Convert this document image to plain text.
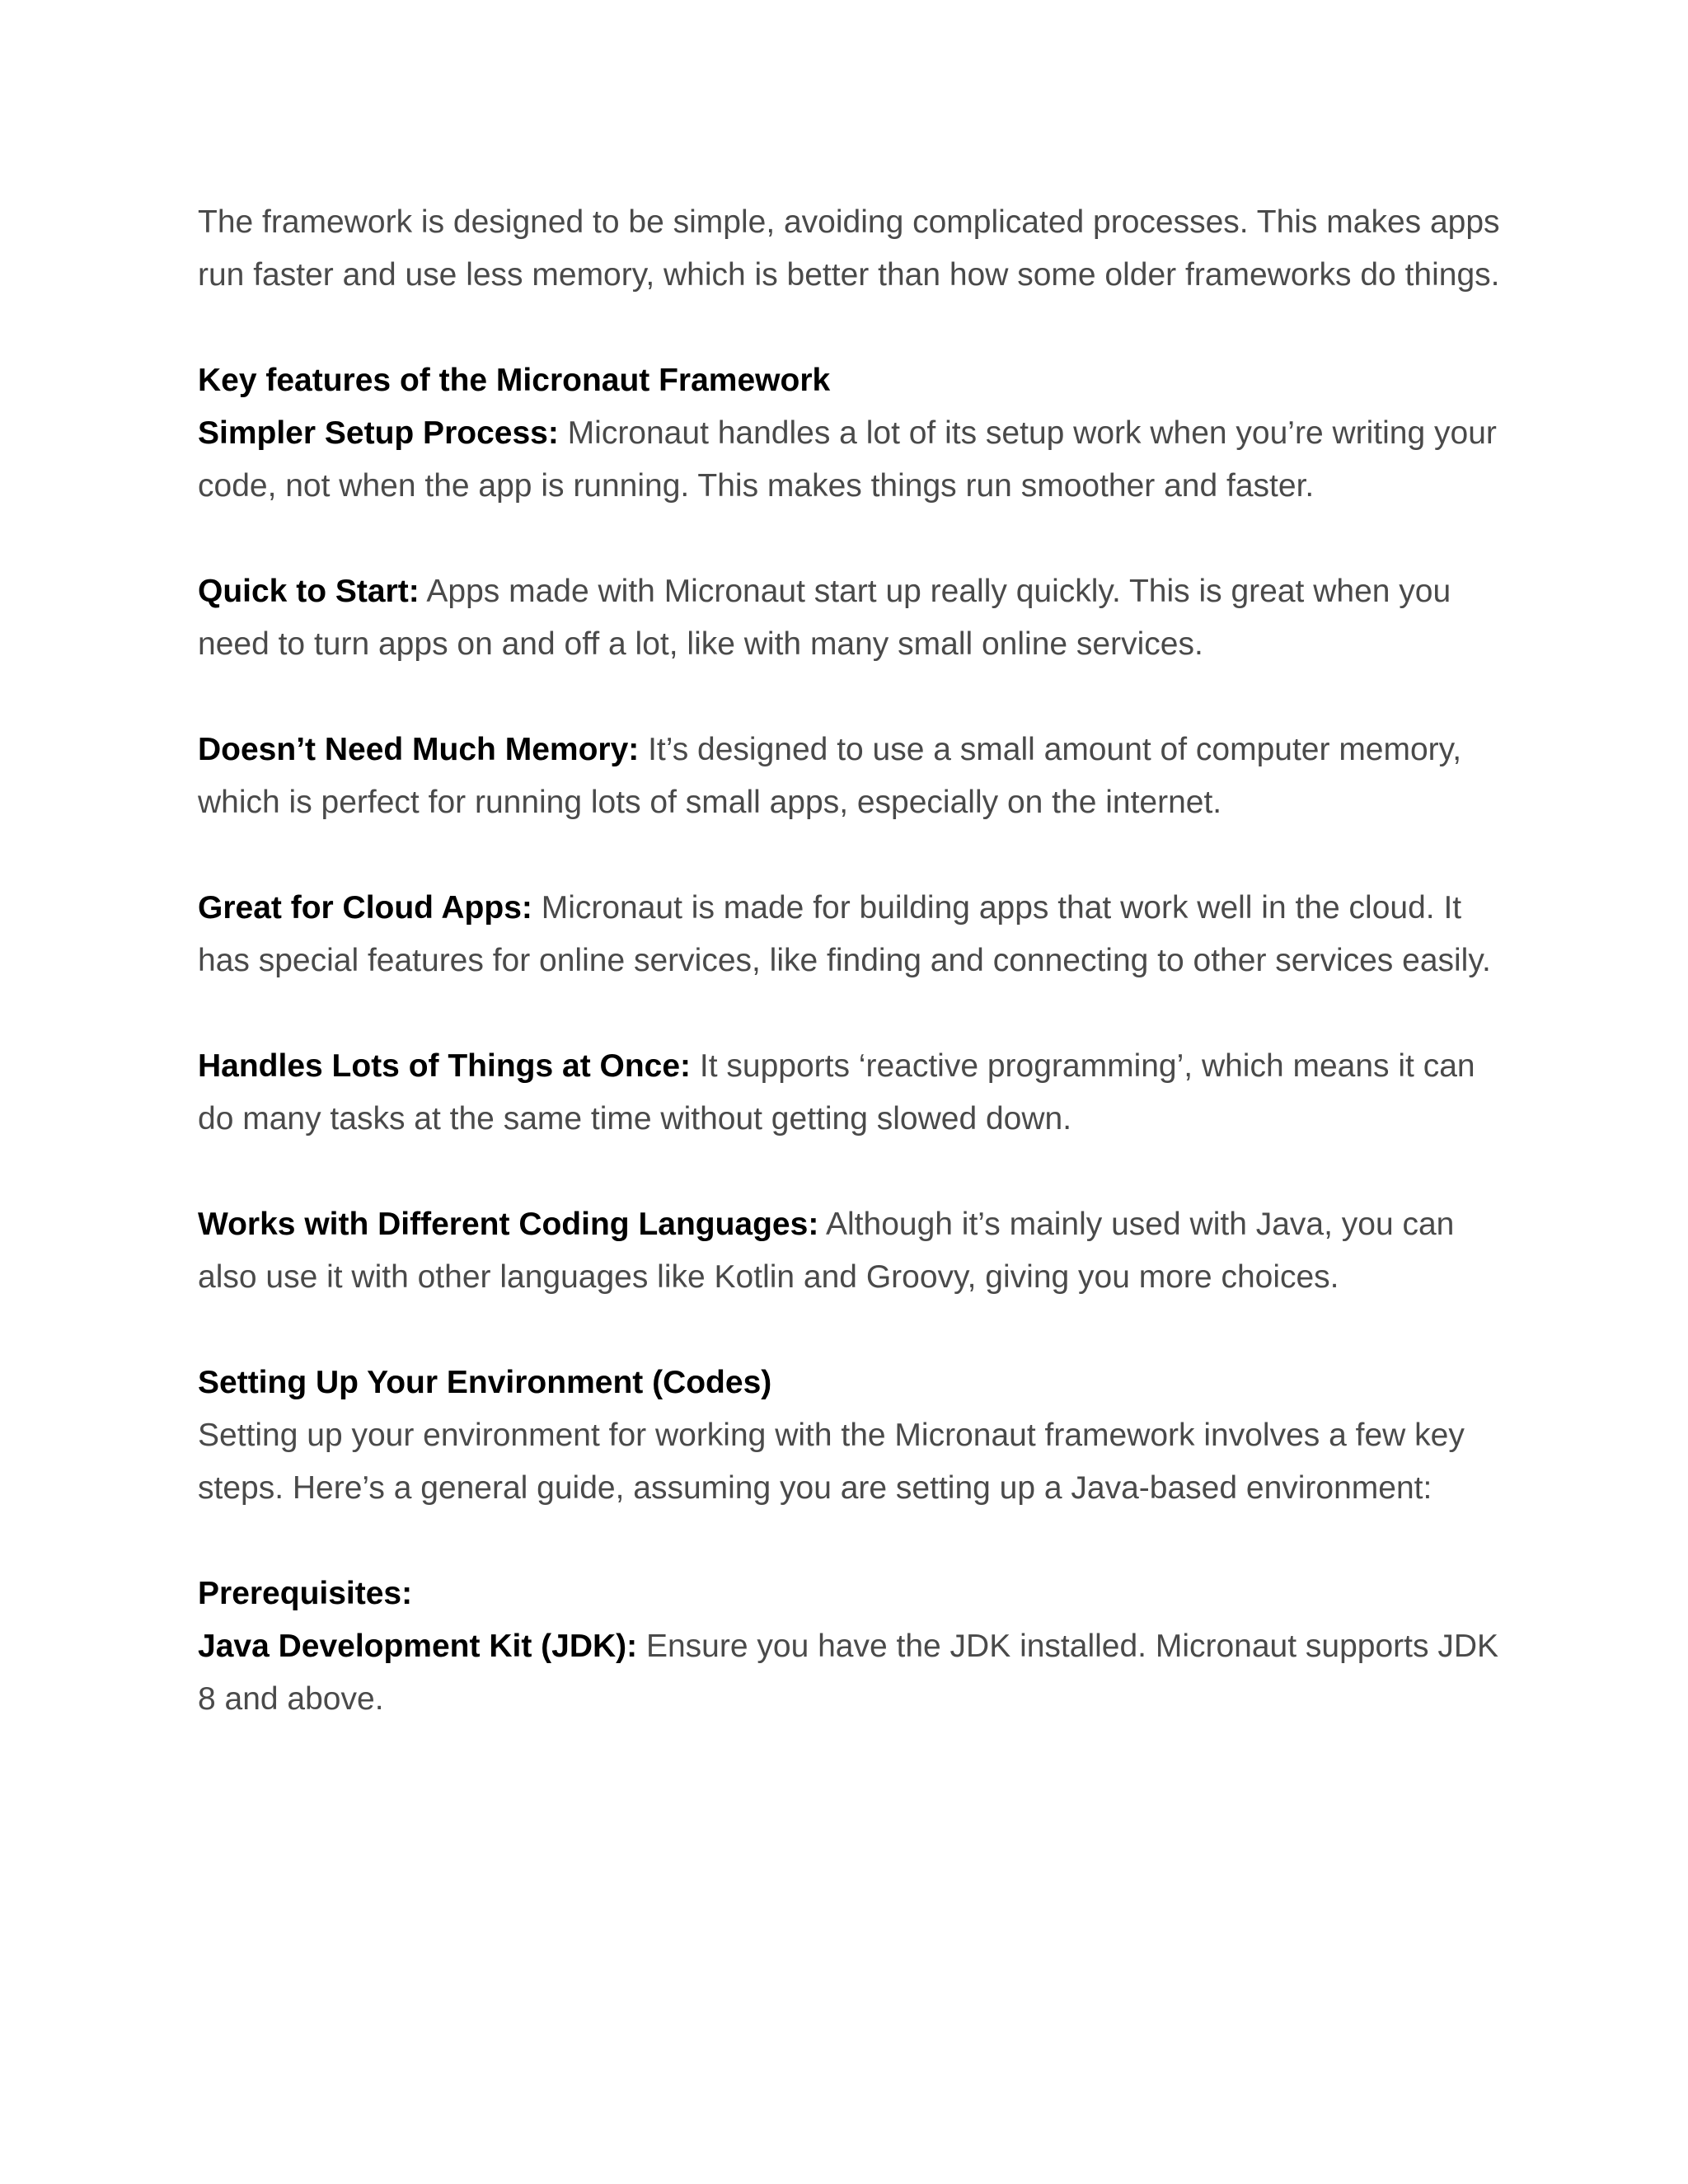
The framework is designed to be simple, avoiding complicated processes. This makes apps run faster and use less memory, which is better than how some older frameworks do things.

Key features of the Micronaut Framework

Simpler Setup Process: Micronaut handles a lot of its setup work when you’re writing your code, not when the app is running. This makes things run smoother and faster.

Quick to Start: Apps made with Micronaut start up really quickly. This is great when you need to turn apps on and off a lot, like with many small online services.

Doesn’t Need Much Memory: It’s designed to use a small amount of computer memory, which is perfect for running lots of small apps, especially on the internet.

Great for Cloud Apps: Micronaut is made for building apps that work well in the cloud. It has special features for online services, like finding and connecting to other services easily.

Handles Lots of Things at Once: It supports ‘reactive programming’, which means it can do many tasks at the same time without getting slowed down.

Works with Different Coding Languages: Although it’s mainly used with Java, you can also use it with other languages like Kotlin and Groovy, giving you more choices.

Setting Up Your Environment (Codes)

Setting up your environment for working with the Micronaut framework involves a few key steps. Here’s a general guide, assuming you are setting up a Java-based environment:

Prerequisites:

Java Development Kit (JDK): Ensure you have the JDK installed. Micronaut supports JDK 8 and above.
